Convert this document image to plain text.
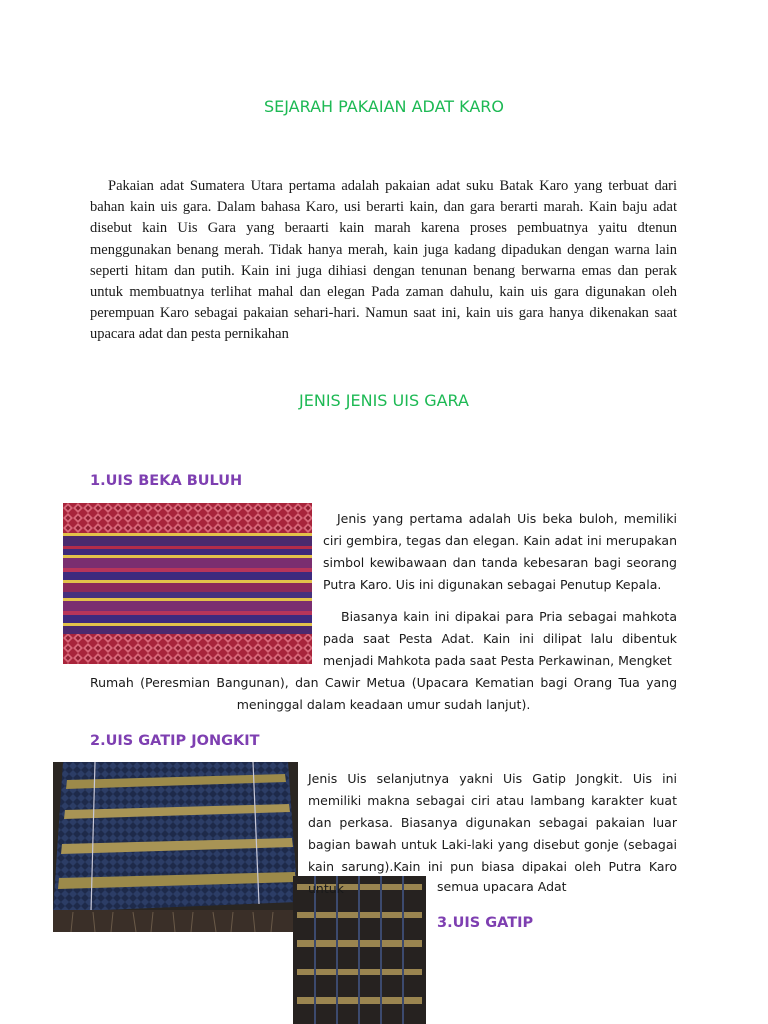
SEJARAH PAKAIAN ADAT KARO

Pakaian adat Sumatera Utara pertama adalah pakaian adat suku Batak Karo yang terbuat dari bahan kain uis gara. Dalam bahasa Karo, usi berarti kain, dan gara berarti marah. Kain baju adat disebut kain Uis Gara yang beraarti kain marah karena proses pembuatnya yaitu dtenun menggunakan benang merah. Tidak hanya merah, kain juga kadang dipadukan dengan warna lain seperti hitam dan putih. Kain ini juga dihiasi dengan tenunan benang berwarna emas dan perak untuk membuatnya terlihat mahal dan elegan Pada zaman dahulu, kain uis gara digunakan oleh perempuan Karo sebagai pakaian sehari-hari. Namun saat ini, kain uis gara hanya dikenakan saat upacara adat dan pesta pernikahan

JENIS JENIS UIS GARA
1.UIS BEKA BULUH

Jenis yang pertama adalah Uis beka buloh, memiliki ciri gembira, tegas dan elegan. Kain adat ini merupakan simbol kewibawaan dan tanda kebesaran bagi seorang Putra Karo. Uis ini digunakan sebagai Penutup Kepala.

Biasanya kain ini dipakai para Pria sebagai mahkota pada saat Pesta Adat. Kain ini dilipat lalu dibentuk menjadi Mahkota pada saat Pesta Perkawinan, Mengket

Rumah (Peresmian Bangunan), dan Cawir Metua (Upacara Kematian bagi Orang Tua yang

meninggal dalam keadaan umur sudah lanjut).

2.UIS GATIP JONGKIT

Jenis Uis selanjutnya yakni Uis Gatip Jongkit. Uis ini memiliki makna sebagai ciri atau lambang karakter kuat dan perkasa. Biasanya digunakan sebagai pakaian luar bagian bawah untuk Laki-laki yang disebut gonje (sebagai kain sarung).Kain ini pun biasa dipakai oleh Putra Karo untuk	semua upacara Adat

3.UIS GATIP
